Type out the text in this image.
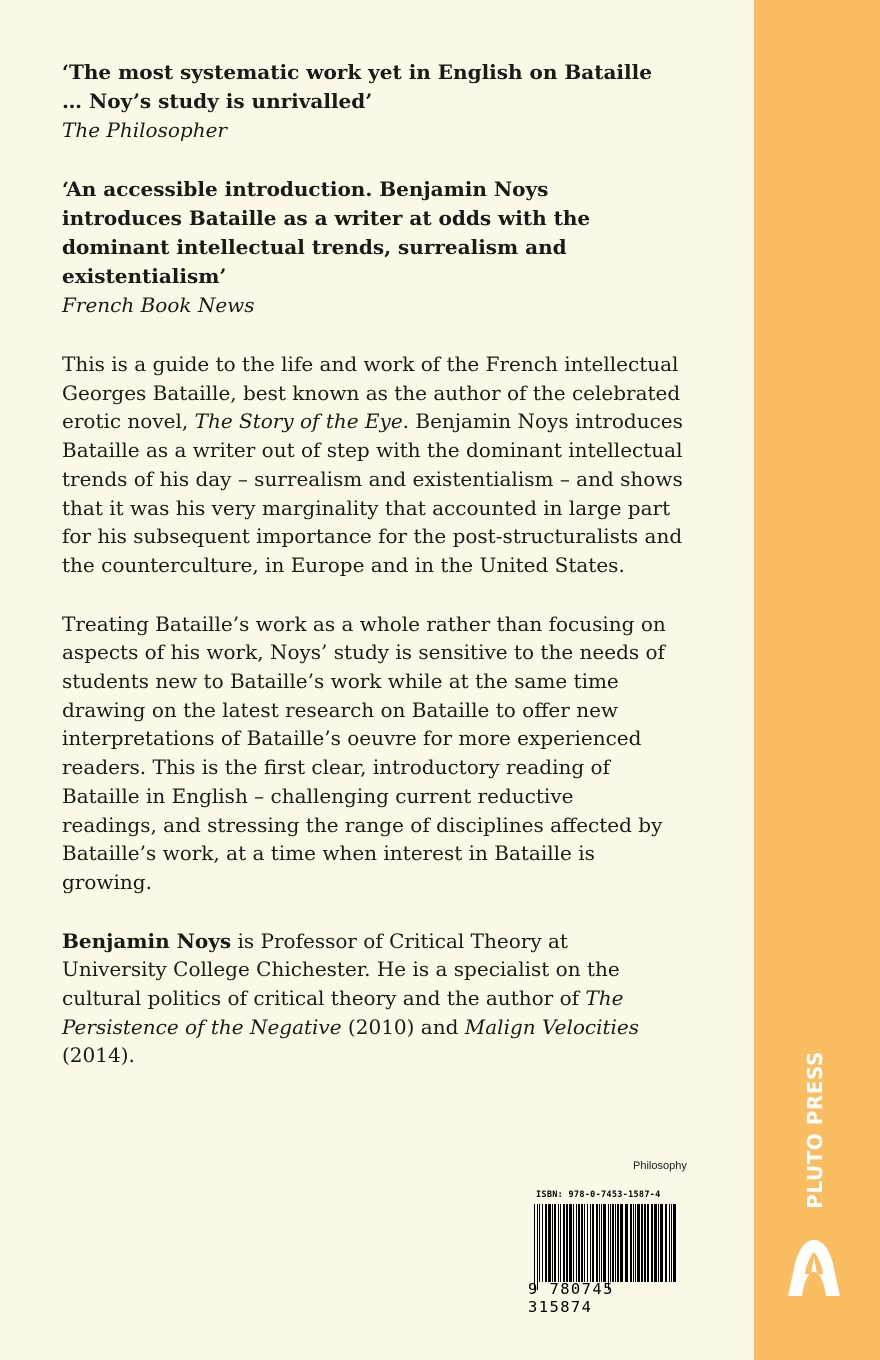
‘The most systematic work yet in English on Bataille … Noy’s study is unrivalled’

The Philosopher

‘An accessible introduction. Benjamin Noys introduces Bataille as a writer at odds with the dominant intellectual trends, surrealism and existentialism’

French Book News

This is a guide to the life and work of the French intellectual Georges Bataille, best known as the author of the celebrated erotic novel, The Story of the Eye. Benjamin Noys introduces Bataille as a writer out of step with the dominant intellectual trends of his day – surrealism and existentialism – and shows that it was his very marginality that accounted in large part for his subsequent importance for the post-structuralists and the counterculture, in Europe and in the United States.

Treating Bataille’s work as a whole rather than focusing on aspects of his work, Noys’ study is sensitive to the needs of students new to Bataille’s work while at the same time drawing on the latest research on Bataille to offer new interpretations of Bataille’s oeuvre for more experienced readers. This is the first clear, introductory reading of Bataille in English – challenging current reductive readings, and stressing the range of disciplines affected by Bataille’s work, at a time when interest in Bataille is growing.

Benjamin Noys is Professor of Critical Theory at University College Chichester. He is a specialist on the cultural politics of critical theory and the author of The Persistence of the Negative (2010) and Malign Velocities (2014).

Philosophy
ISBN: 978-0-7453-1587-4
9 780745 315874
PLUTO PRESS
